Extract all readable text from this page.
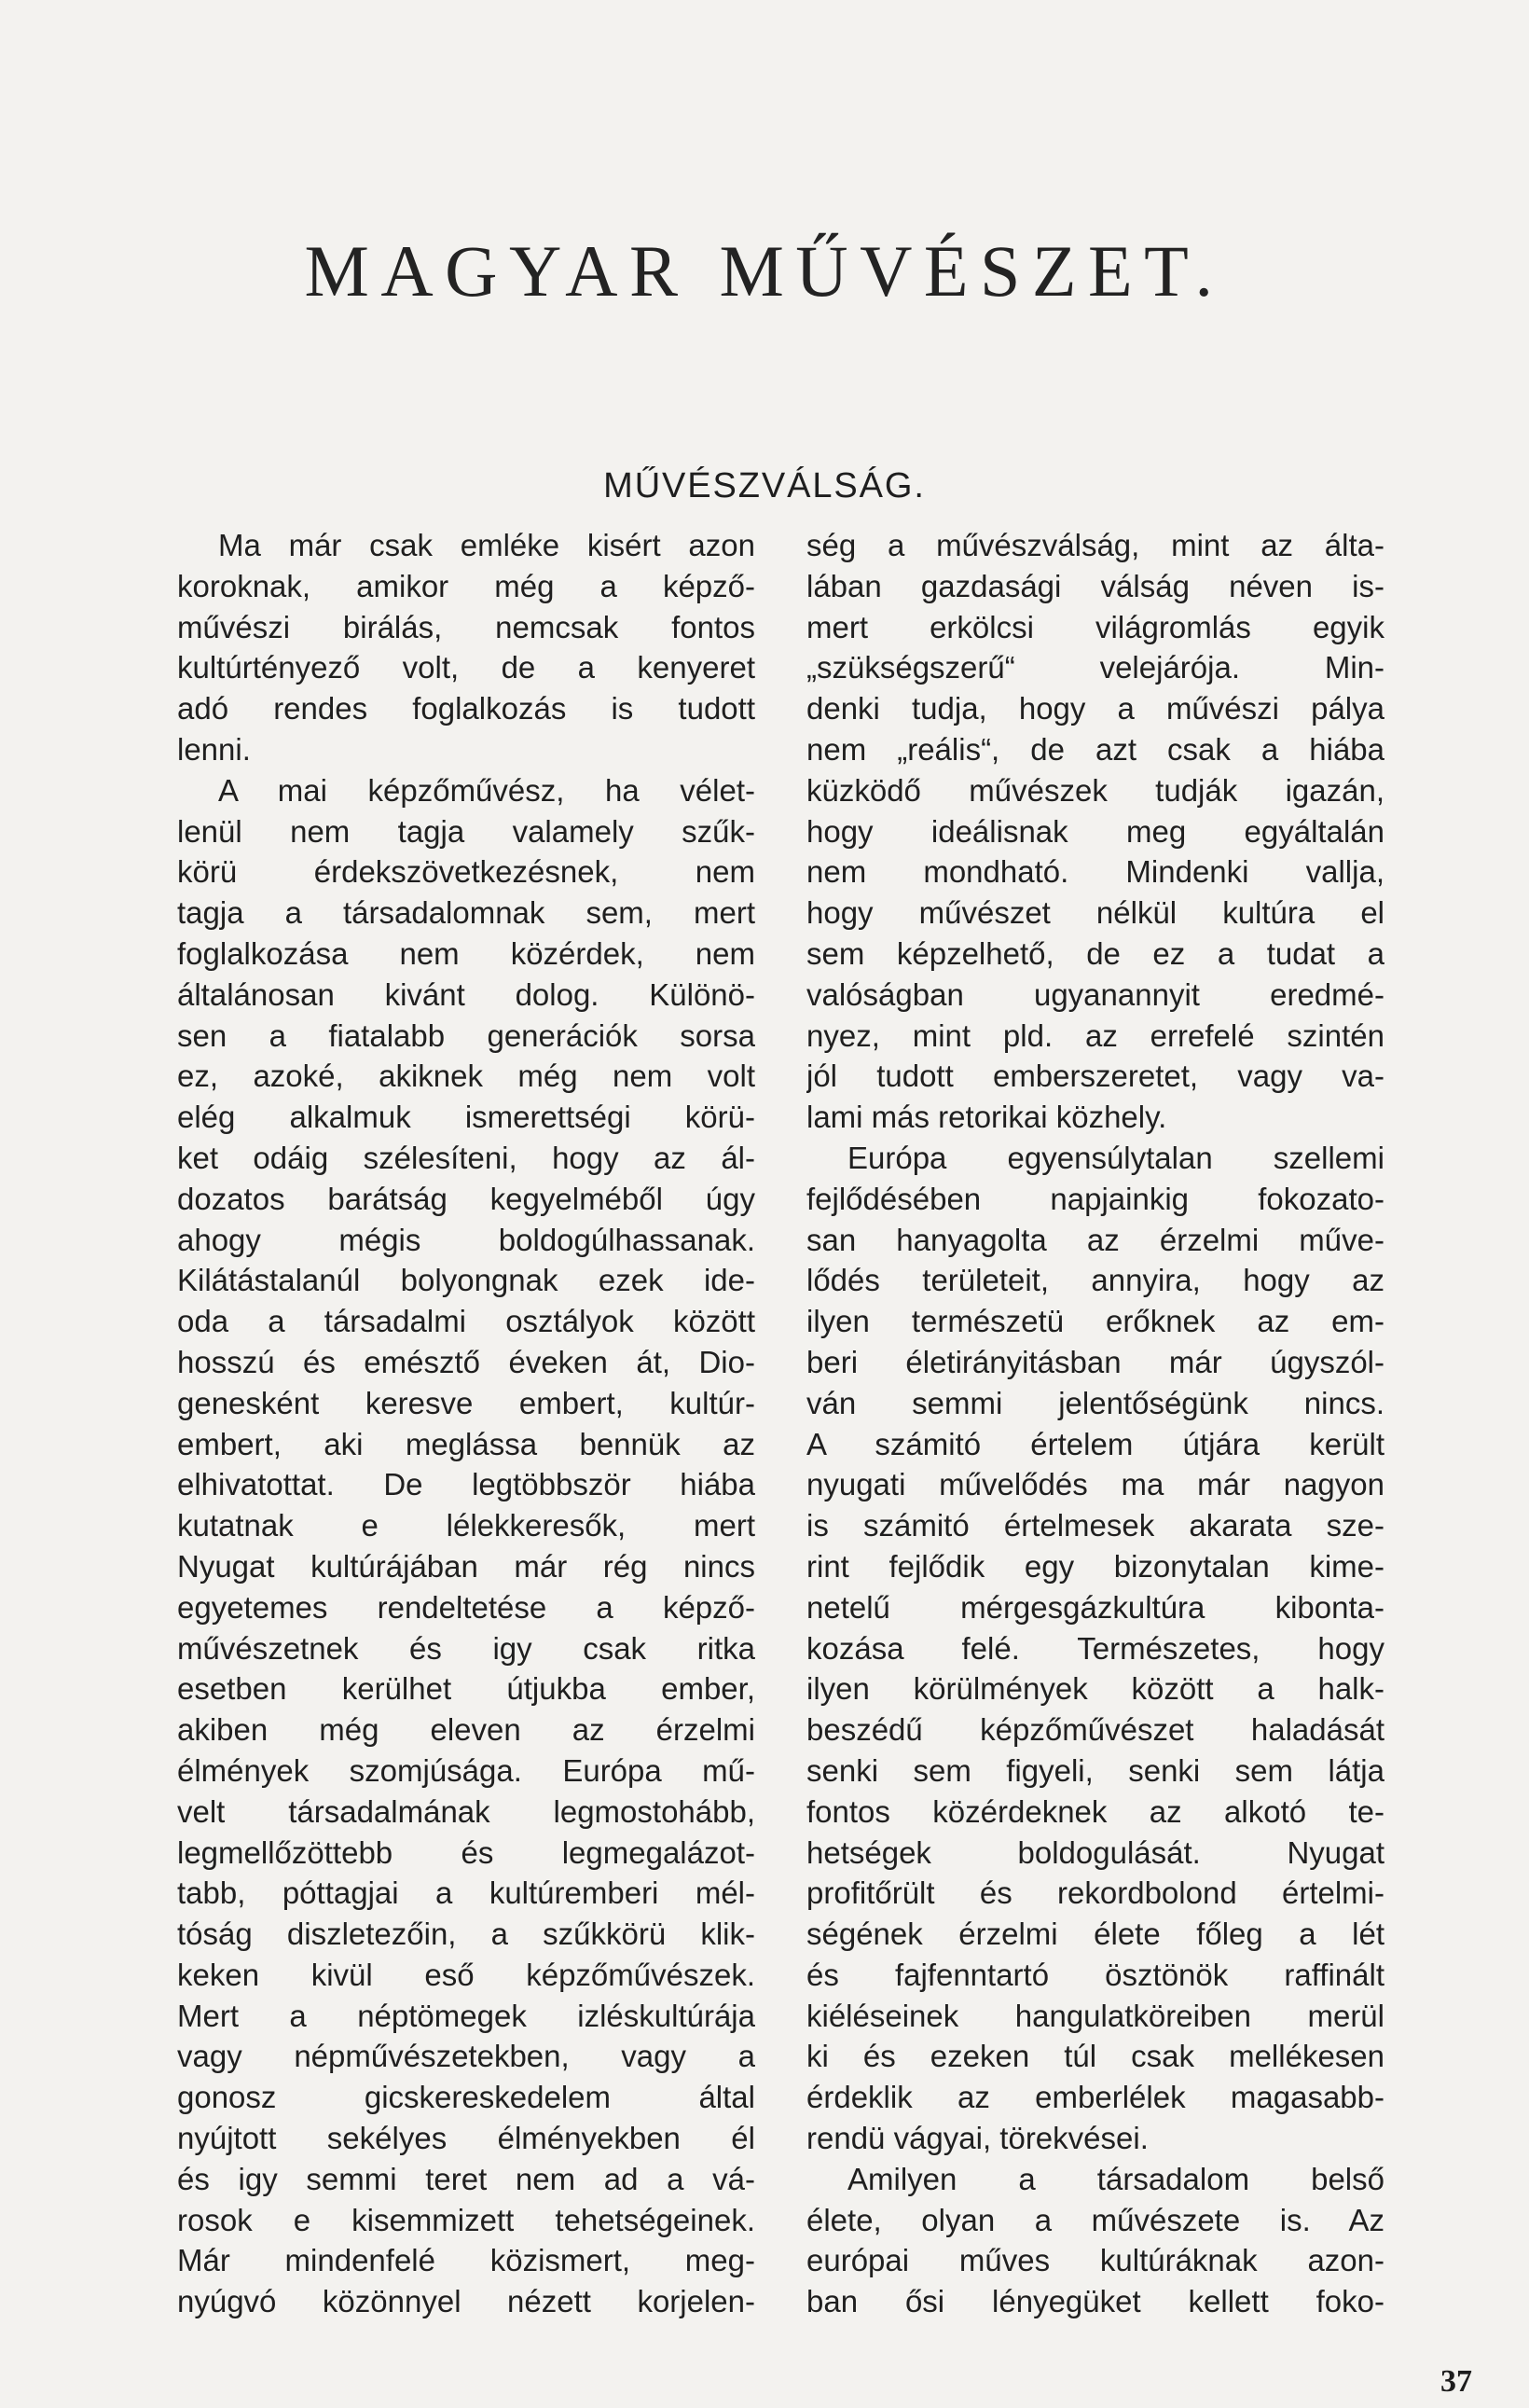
MAGYAR MŰVÉSZET.
MŰVÉSZVÁLSÁG.
Ma már csak emléke kisért azon
koroknak, amikor még a képző-
művészi birálás, nemcsak fontos
kultúrtényező volt, de a kenyeret
adó rendes foglalkozás is tudott
lenni.
A mai képzőművész, ha vélet-
lenül nem tagja valamely szűk-
körü érdekszövetkezésnek, nem
tagja a társadalomnak sem, mert
foglalkozása nem közérdek, nem
általánosan kivánt dolog. Különö-
sen a fiatalabb generációk sorsa
ez, azoké, akiknek még nem volt
elég alkalmuk ismerettségi körü-
ket odáig szélesíteni, hogy az ál-
dozatos barátság kegyelméből úgy
ahogy mégis boldogúlhassanak.
Kilátástalanúl bolyongnak ezek ide-
oda a társadalmi osztályok között
hosszú és emésztő éveken át, Dio-
genesként keresve embert, kultúr-
embert, aki meglássa bennük az
elhivatottat. De legtöbbször hiába
kutatnak e lélekkeresők, mert
Nyugat kultúrájában már rég nincs
egyetemes rendeltetése a képző-
művészetnek és igy csak ritka
esetben kerülhet útjukba ember,
akiben még eleven az érzelmi
élmények szomjúsága. Európa mű-
velt társadalmának legmostohább,
legmellőzöttebb és legmegalázot-
tabb, póttagjai a kultúremberi mél-
tóság diszletezőin, a szűkkörü klik-
keken kivül eső képzőművészek.
Mert a néptömegek izléskultúrája
vagy népművészetekben, vagy a
gonosz gicskereskedelem által
nyújtott sekélyes élményekben él
és igy semmi teret nem ad a vá-
rosok e kisemmizett tehetségeinek.
Már mindenfelé közismert, meg-
nyúgvó közönnyel nézett korjelen-
ség a művészválság, mint az álta-
lában gazdasági válság néven is-
mert erkölcsi világromlás egyik
„szükségszerű“ velejárója. Min-
denki tudja, hogy a művészi pálya
nem „reális“, de azt csak a hiába
küzködő művészek tudják igazán,
hogy ideálisnak meg egyáltalán
nem mondható. Mindenki vallja,
hogy művészet nélkül kultúra el
sem képzelhető, de ez a tudat a
valóságban ugyanannyit eredmé-
nyez, mint pld. az errefelé szintén
jól tudott emberszeretet, vagy va-
lami más retorikai közhely.
Európa egyensúlytalan szellemi
fejlődésében napjainkig fokozato-
san hanyagolta az érzelmi műve-
lődés területeit, annyira, hogy az
ilyen természetü erőknek az em-
beri életirányitásban már úgyszól-
ván semmi jelentőségünk nincs.
A számitó értelem útjára került
nyugati művelődés ma már nagyon
is számitó értelmesek akarata sze-
rint fejlődik egy bizonytalan kime-
netelű mérgesgázkultúra kibonta-
kozása felé. Természetes, hogy
ilyen körülmények között a halk-
beszédű képzőművészet haladását
senki sem figyeli, senki sem látja
fontos közérdeknek az alkotó te-
hetségek boldogulását. Nyugat
profitőrült és rekordbolond értelmi-
ségének érzelmi élete főleg a lét
és fajfenntartó ösztönök raffinált
kiéléseinek hangulatköreiben merül
ki és ezeken túl csak mellékesen
érdeklik az emberlélek magasabb-
rendü vágyai, törekvései.
Amilyen a társadalom belső
élete, olyan a művészete is. Az
európai műves kultúráknak azon-
ban ősi lényegüket kellett foko-
37
